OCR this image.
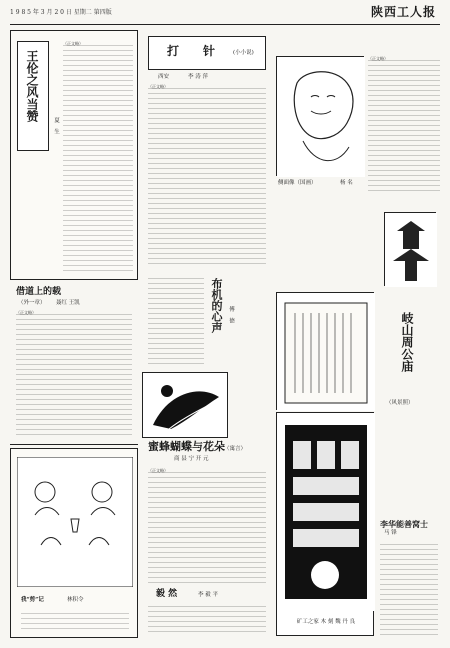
1 9 8 5 年 3 月 2 0 日 星期二 第四版	陕西工人报
王伦之风当赞
夏 生
（正文略）
借道上的载
（外一章） 聂红 王凯
（正文略）
我“剪”记	林积令
打 针	(小小说)
西安	李 涛 萍
（正文略）
侧面像（国画）	杨 名
（正文略）
布机的心声 傅 德
蜜蜂蝴蝶与花朵 （寓言）
商 县 宁 开 元
（正文略）
毅 然	李 毅 平
岐山周公庙
（风景照）
李华能善窝士
马 锋
矿工之家 木 刻 魏 丹 良
